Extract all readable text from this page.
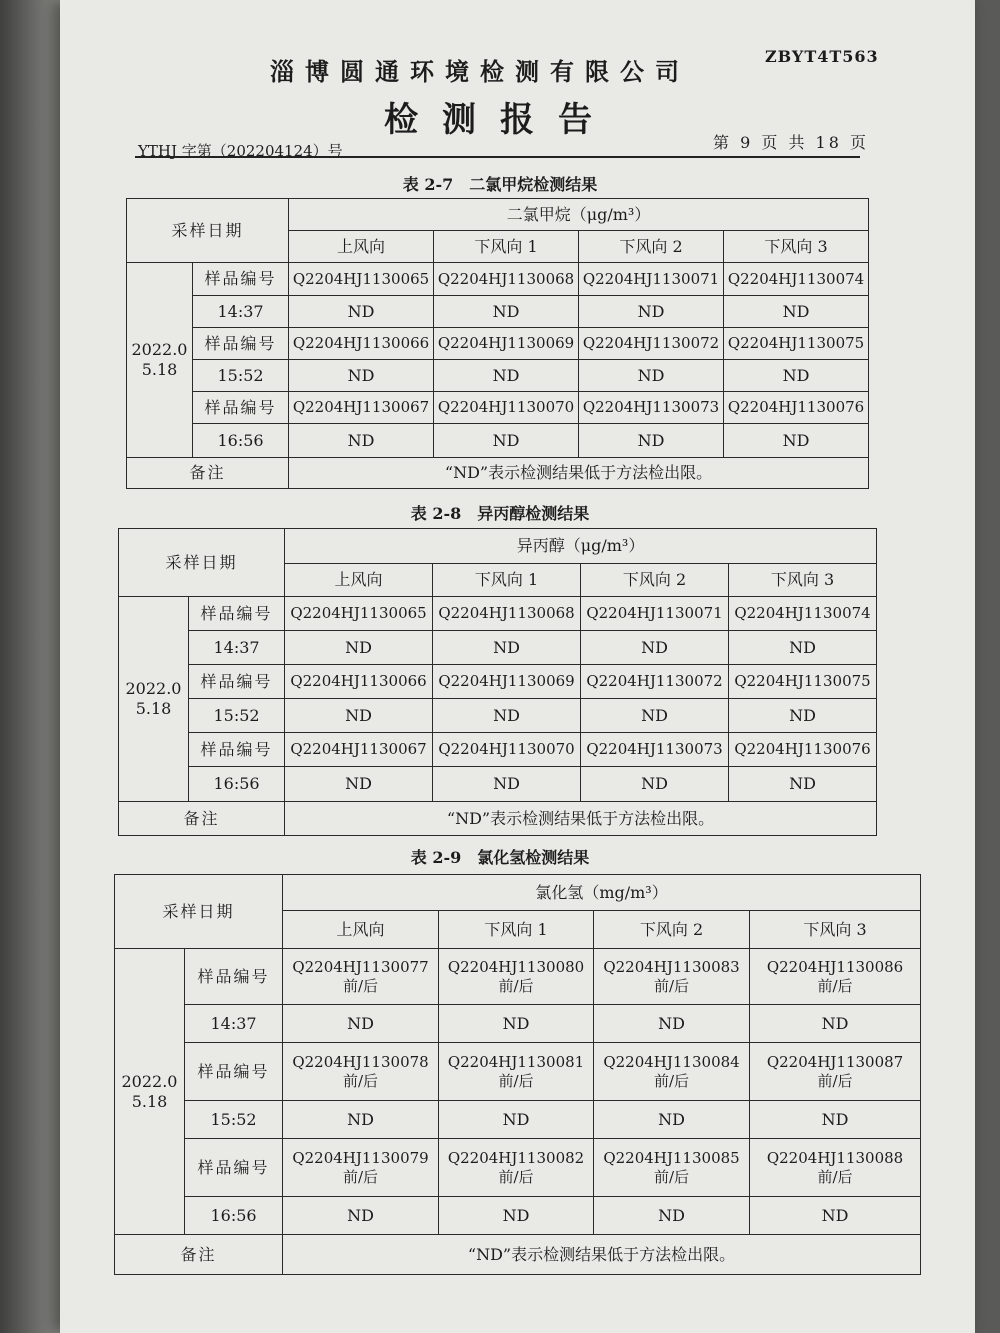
淄博圆通环境检测有限公司
ZBYT4T563
检测报告
YTHJ 字第（202204124）号	第 9 页 共 18 页
表 2-7　二氯甲烷检测结果
采样日期		二氯甲烷（μg/m³）			
		上风向	下风向 1	下风向 2	下风向 3
2022.0
5.18	样品编号	Q2204HJ1130065	Q2204HJ1130068	Q2204HJ1130071	Q2204HJ1130074
	14:37	ND	ND	ND	ND
	样品编号	Q2204HJ1130066	Q2204HJ1130069	Q2204HJ1130072	Q2204HJ1130075
	15:52	ND	ND	ND	ND
	样品编号	Q2204HJ1130067	Q2204HJ1130070	Q2204HJ1130073	Q2204HJ1130076
	16:56	ND	ND	ND	ND
备注		“ND”表示检测结果低于方法检出限。			
表 2-8　异丙醇检测结果
采样日期		异丙醇（μg/m³）			
		上风向	下风向 1	下风向 2	下风向 3
2022.0
5.18	样品编号	Q2204HJ1130065	Q2204HJ1130068	Q2204HJ1130071	Q2204HJ1130074
	14:37	ND	ND	ND	ND
	样品编号	Q2204HJ1130066	Q2204HJ1130069	Q2204HJ1130072	Q2204HJ1130075
	15:52	ND	ND	ND	ND
	样品编号	Q2204HJ1130067	Q2204HJ1130070	Q2204HJ1130073	Q2204HJ1130076
	16:56	ND	ND	ND	ND
备注		“ND”表示检测结果低于方法检出限。			
表 2-9　氯化氢检测结果
采样日期		氯化氢（mg/m³）			
		上风向	下风向 1	下风向 2	下风向 3
2022.0
5.18	样品编号	Q2204HJ1130077
前/后	Q2204HJ1130080
前/后	Q2204HJ1130083
前/后	Q2204HJ1130086
前/后
	14:37	ND	ND	ND	ND
	样品编号	Q2204HJ1130078
前/后	Q2204HJ1130081
前/后	Q2204HJ1130084
前/后	Q2204HJ1130087
前/后
	15:52	ND	ND	ND	ND
	样品编号	Q2204HJ1130079
前/后	Q2204HJ1130082
前/后	Q2204HJ1130085
前/后	Q2204HJ1130088
前/后
	16:56	ND	ND	ND	ND
备注		“ND”表示检测结果低于方法检出限。			
